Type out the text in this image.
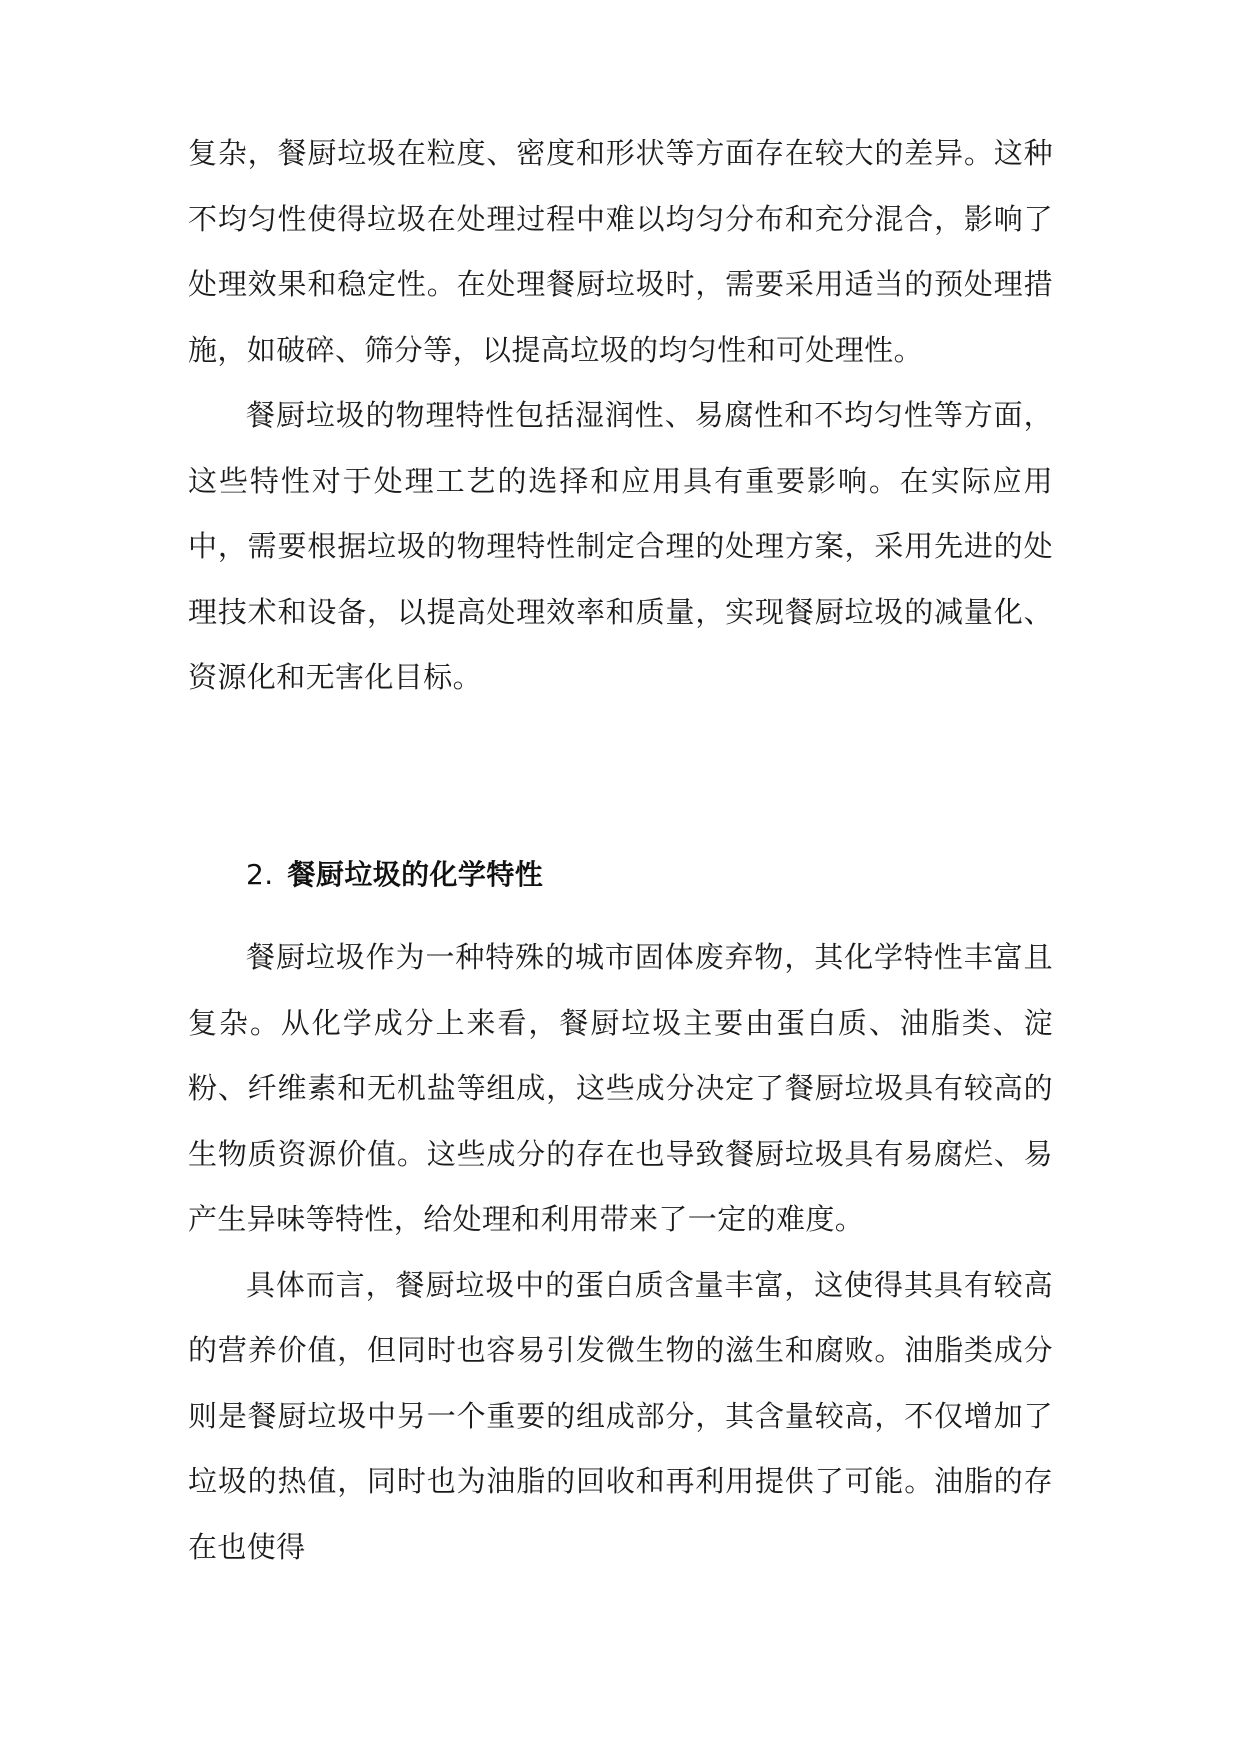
复杂，餐厨垃圾在粒度、密度和形状等方面存在较大的差异。这种不均匀性使得垃圾在处理过程中难以均匀分布和充分混合，影响了处理效果和稳定性。在处理餐厨垃圾时，需要采用适当的预处理措施，如破碎、筛分等，以提高垃圾的均匀性和可处理性。

餐厨垃圾的物理特性包括湿润性、易腐性和不均匀性等方面，这些特性对于处理工艺的选择和应用具有重要影响。在实际应用中，需要根据垃圾的物理特性制定合理的处理方案，采用先进的处理技术和设备，以提高处理效率和质量，实现餐厨垃圾的减量化、资源化和无害化目标。

2. 餐厨垃圾的化学特性

餐厨垃圾作为一种特殊的城市固体废弃物，其化学特性丰富且复杂。从化学成分上来看，餐厨垃圾主要由蛋白质、油脂类、淀粉、纤维素和无机盐等组成，这些成分决定了餐厨垃圾具有较高的生物质资源价值。这些成分的存在也导致餐厨垃圾具有易腐烂、易产生异味等特性，给处理和利用带来了一定的难度。

具体而言，餐厨垃圾中的蛋白质含量丰富，这使得其具有较高的营养价值，但同时也容易引发微生物的滋生和腐败。油脂类成分则是餐厨垃圾中另一个重要的组成部分，其含量较高，不仅增加了垃圾的热值，同时也为油脂的回收和再利用提供了可能。油脂的存在也使得
